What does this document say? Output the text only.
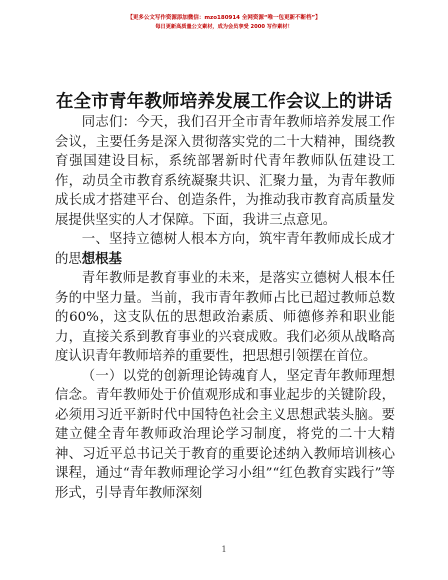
【更多公文写作资源添加微信：mzo180914 全网资源“唯一包更新不断档”】
每日更新高质量公文素材，成为会员享受 2000 写作素材！
在全市青年教师培养发展工作会议上的讲话

同志们：今天，我们召开全市青年教师培养发展工作会议，主要任务是深入贯彻落实党的二十大精神，围绕教育强国建设目标，系统部署新时代青年教师队伍建设工作，动员全市教育系统凝聚共识、汇聚力量，为青年教师成长成才搭建平台、创造条件，为推动我市教育高质量发展提供坚实的人才保障。下面，我讲三点意见。

一、坚持立德树人根本方向，筑牢青年教师成长成才的思想根基

青年教师是教育事业的未来，是落实立德树人根本任务的中坚力量。当前，我市青年教师占比已超过教师总数的60%，这支队伍的思想政治素质、师德修养和职业能力，直接关系到教育事业的兴衰成败。我们必须从战略高度认识青年教师培养的重要性，把思想引领摆在首位。

（一）以党的创新理论铸魂育人，坚定青年教师理想信念。青年教师处于价值观形成和事业起步的关键阶段，必须用习近平新时代中国特色社会主义思想武装头脑。要建立健全青年教师政治理论学习制度，将党的二十大精神、习近平总书记关于教育的重要论述纳入教师培训核心课程，通过“青年教师理论学习小组”“红色教育实践行”等形式，引导青年教师深刻

1
